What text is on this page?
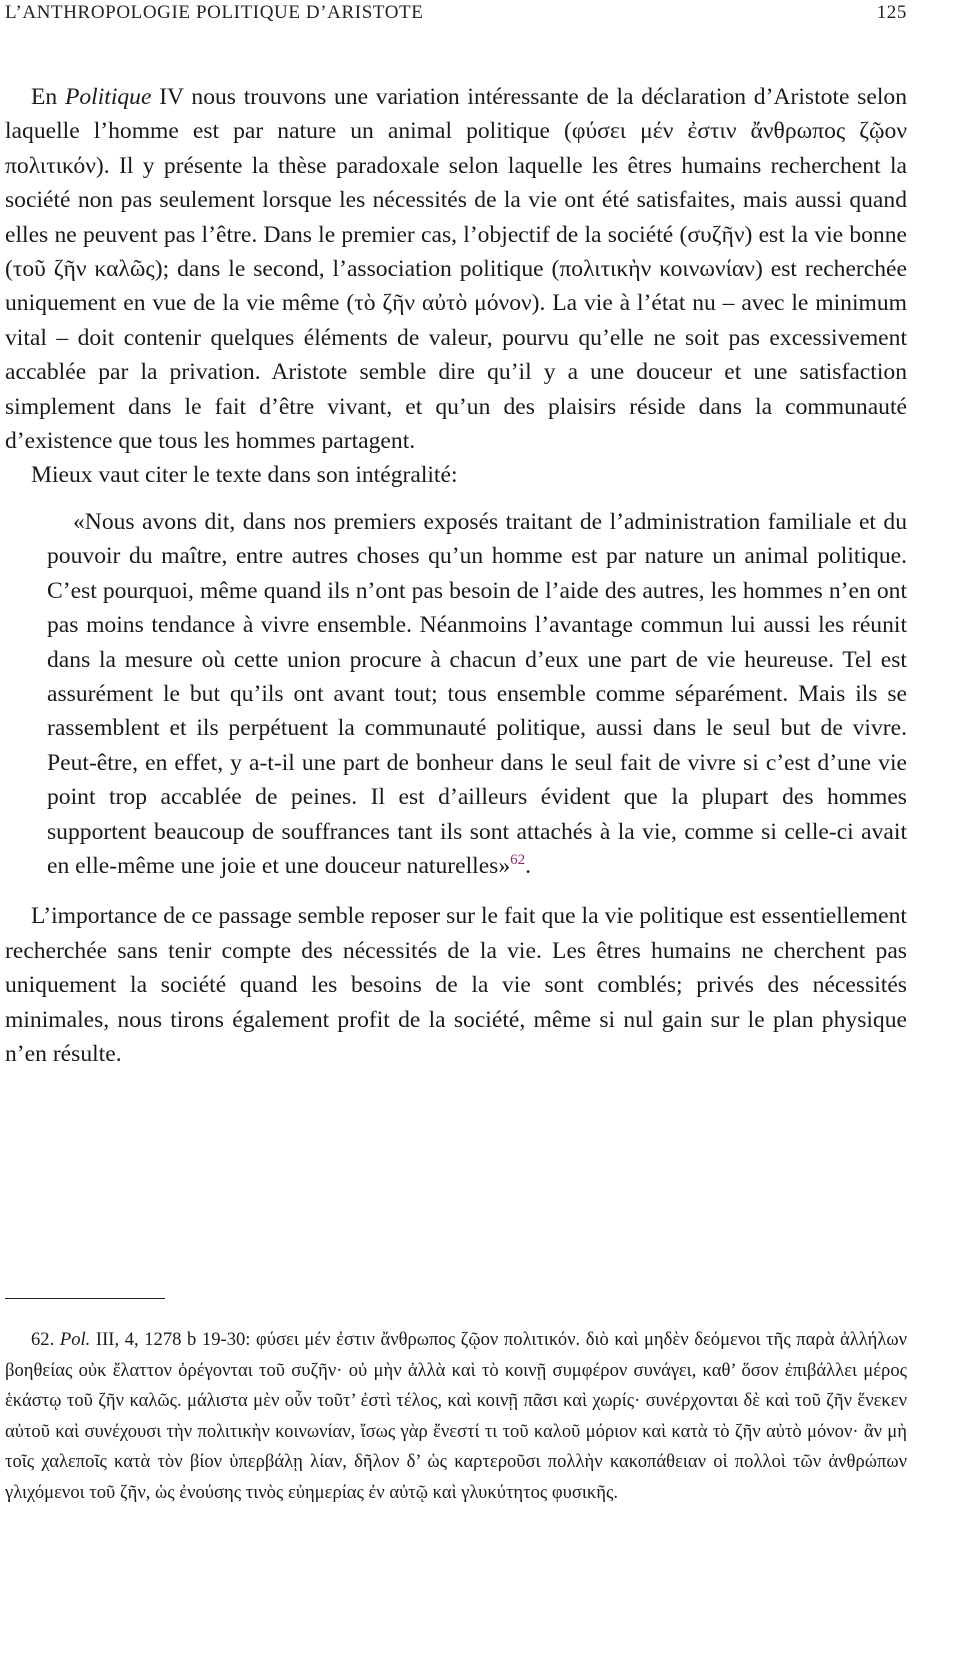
L’ANTHROPOLOGIE POLITIQUE D’ARISTOTE	125

En Politique IV nous trouvons une variation intéressante de la déclaration d’Aristote selon laquelle l’homme est par nature un animal politique (φύσει μέν ἐστιν ἄνθρωπος ζῷον πολιτικόν). Il y présente la thèse paradoxale selon laquelle les êtres humains recherchent la société non pas seulement lorsque les nécessités de la vie ont été satisfaites, mais aussi quand elles ne peuvent pas l’être. Dans le premier cas, l’objectif de la société (συζῆν) est la vie bonne (τοῦ ζῆν καλῶς); dans le second, l’association politique (πολιτικὴν κοινωνίαν) est recherchée uniquement en vue de la vie même (τὸ ζῆν αὐτὸ μόνον). La vie à l’état nu – avec le minimum vital – doit contenir quelques éléments de valeur, pourvu qu’elle ne soit pas excessivement accablée par la privation. Aristote semble dire qu’il y a une douceur et une satisfaction simplement dans le fait d’être vivant, et qu’un des plaisirs réside dans la communauté d’existence que tous les hommes partagent.

Mieux vaut citer le texte dans son intégralité:

«Nous avons dit, dans nos premiers exposés traitant de l’administration familiale et du pouvoir du maître, entre autres choses qu’un homme est par nature un animal politique. C’est pourquoi, même quand ils n’ont pas besoin de l’aide des autres, les hommes n’en ont pas moins tendance à vivre ensemble. Néanmoins l’avantage commun lui aussi les réunit dans la mesure où cette union procure à chacun d’eux une part de vie heureuse. Tel est assurément le but qu’ils ont avant tout; tous ensemble comme séparément. Mais ils se rassemblent et ils perpétuent la communauté politique, aussi dans le seul but de vivre. Peut-être, en effet, y a-t-il une part de bonheur dans le seul fait de vivre si c’est d’une vie point trop accablée de peines. Il est d’ailleurs évident que la plupart des hommes supportent beaucoup de souffrances tant ils sont attachés à la vie, comme si celle-ci avait en elle-même une joie et une douceur naturelles»$^{62}$.

L’importance de ce passage semble reposer sur le fait que la vie politique est essentiellement recherchée sans tenir compte des nécessités de la vie. Les êtres humains ne cherchent pas uniquement la société quand les besoins de la vie sont comblés; privés des nécessités minimales, nous tirons également profit de la société, même si nul gain sur le plan physique n’en résulte.

62. Pol. III, 4, 1278 b 19-30: φύσει μέν ἐστιν ἄνθρωπος ζῷον πολιτικόν. διὸ καὶ μηδὲν δεόμενοι τῆς παρὰ ἀλλήλων βοηθείας οὐκ ἔλαττον ὀρέγονται τοῦ συζῆν· οὐ μὴν ἀλλὰ καὶ τὸ κοινῇ συμφέρον συνάγει, καθ’ ὅσον ἐπιβάλλει μέρος ἑκάστῳ τοῦ ζῆν καλῶς. μάλιστα μὲν οὖν τοῦτ’ ἐστὶ τέλος, καὶ κοινῇ πᾶσι καὶ χωρίς· συνέρχονται δὲ καὶ τοῦ ζῆν ἕνεκεν αὐτοῦ καὶ συνέχουσι τὴν πολιτικὴν κοινωνίαν, ἴσως γὰρ ἔνεστί τι τοῦ καλοῦ μόριον καὶ κατὰ τὸ ζῆν αὐτὸ μόνον· ἂν μὴ τοῖς χαλεποῖς κατὰ τὸν βίον ὑπερβάλῃ λίαν, δῆλον δ’ ὡς καρτεροῦσι πολλὴν κακοπάθειαν οἱ πολλοὶ τῶν ἀνθρώπων γλιχόμενοι τοῦ ζῆν, ὡς ἐνούσης τινὸς εὐημερίας ἐν αὐτῷ καὶ γλυκύτητος φυσικῆς.
